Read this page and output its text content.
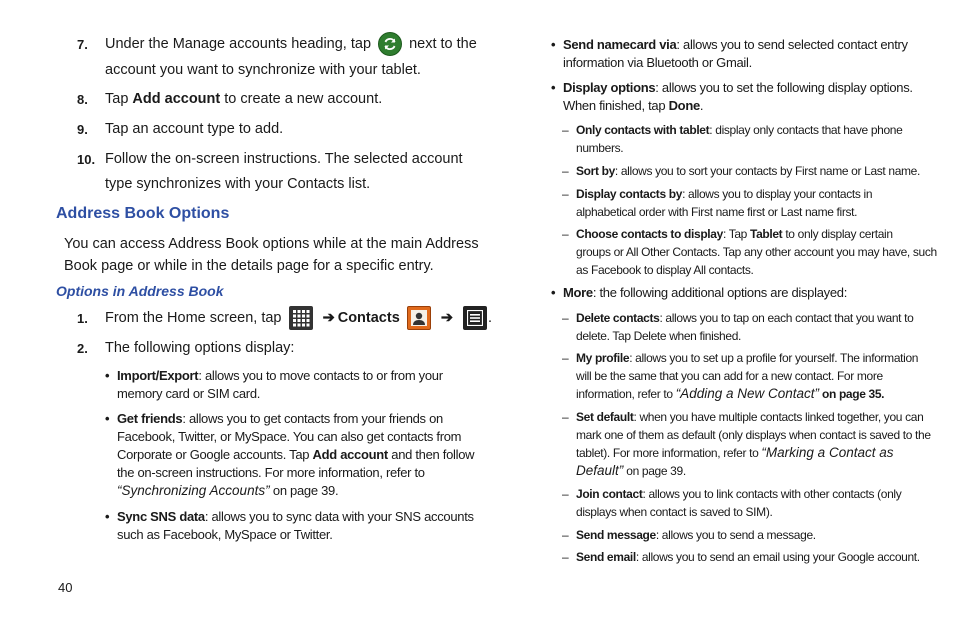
7. Under the Manage accounts heading, tap	next to the
account you want to synchronize with your tablet.
8. Tap Add account to create a new account.
9. Tap an account type to add.
10. Follow the on-screen instructions. The selected account
type synchronizes with your Contacts list.
Address Book Options
You can access Address Book options while at the main Address
Book page or while in the details page for a specific entry.
Options in Address Book
1. From the Home screen, tap	➔ Contacts	➔ .
2. The following options display:
• Import/Export: allows you to move contacts to or from your
memory card or SIM card.
• Get friends: allows you to get contacts from your friends on
Facebook, Twitter, or MySpace. You can also get contacts from
Corporate or Google accounts. Tap Add account and then follow
the on-screen instructions. For more information, refer to
“Synchronizing Accounts” on page 39.
• Sync SNS data: allows you to sync data with your SNS accounts
such as Facebook, MySpace or Twitter.
• Send namecard via: allows you to send selected contact entry
information via Bluetooth or Gmail.
• Display options: allows you to set the following display options.
When finished, tap Done.
– Only contacts with tablet: display only contacts that have phone
numbers.
– Sort by: allows you to sort your contacts by First name or Last name.
– Display contacts by: allows you to display your contacts in
alphabetical order with First name first or Last name first.
– Choose contacts to display: Tap Tablet to only display certain
groups or All Other Contacts. Tap any other account you may have, such
as Facebook to display All contacts.
• More: the following additional options are displayed:
– Delete contacts: allows you to tap on each contact that you want to
delete. Tap Delete when finished.
– My profile: allows you to set up a profile for yourself. The information
will be the same that you can add for a new contact. For more
information, refer to “Adding a New Contact” on page 35.
– Set default: when you have multiple contacts linked together, you can
mark one of them as default (only displays when contact is saved to the
tablet). For more information, refer to “Marking a Contact as
Default” on page 39.
– Join contact: allows you to link contacts with other contacts (only
displays when contact is saved to SIM).
– Send message: allows you to send a message.
– Send email: allows you to send an email using your Google account.
40
